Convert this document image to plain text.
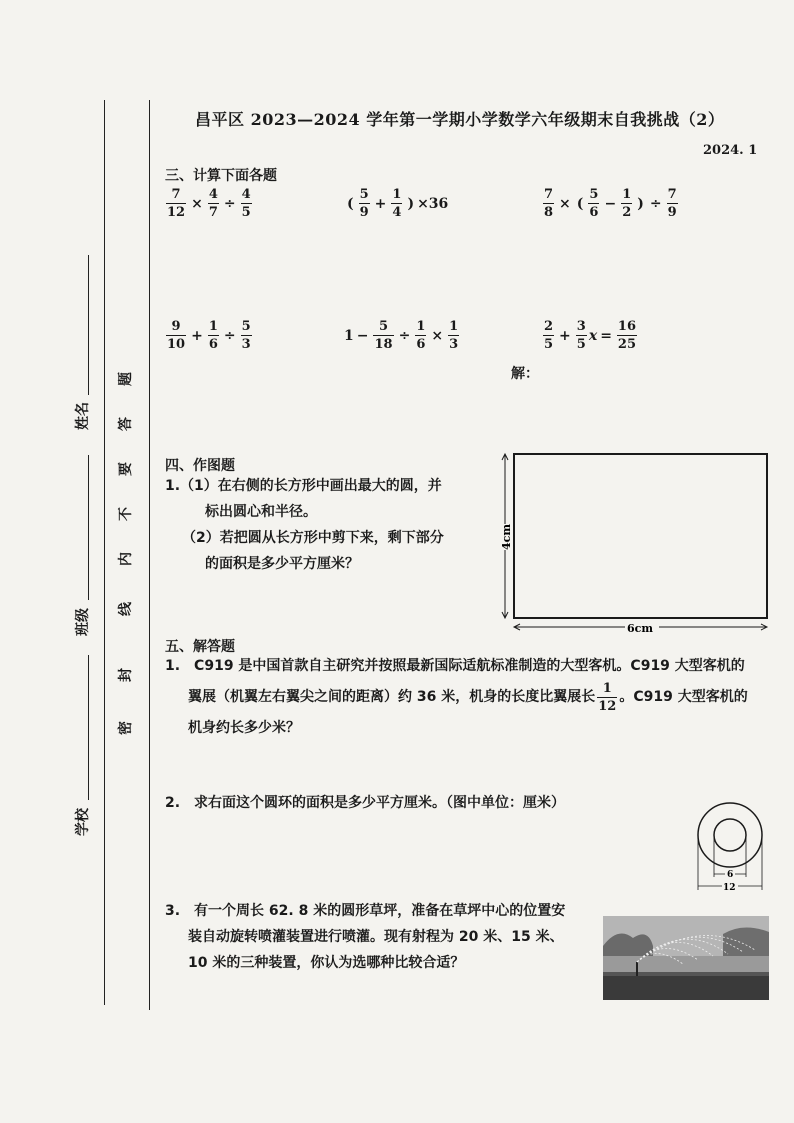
姓名
班级
学校
密
封
线
内
不
要
答
题
昌平区 2023—2024 学年第一学期小学数学六年级期末自我挑战（2）
2024. 1
三、计算下面各题
$\frac{7}{12} \times \frac{4}{7} \div \frac{4}{5}$	( $\frac{5}{9} + \frac{1}{4}$ ) ×36	$\frac{7}{8}$ × ( $\frac{5}{6} - \frac{1}{2}$ ) ÷ $\frac{7}{9}$
$\frac{9}{10} + \frac{1}{6} \div \frac{5}{3}$	$1 - \frac{5}{18} \div \frac{1}{6} \times \frac{1}{3}$	$\frac{2}{5} + \frac{3}{5}$ $x = \frac{16}{25}$
解：
四、作图题
1.（1）在右侧的长方形中画出最大的圆，并
标出圆心和半径。
（2）若把圆从长方形中剪下来，剩下部分
的面积是多少平方厘米？
4cm
6cm
五、解答题
1.　C919 是中国首款自主研究并按照最新国际适航标准制造的大型客机。C919 大型客机的
翼展（机翼左右翼尖之间的距离）约 36 米，机身的长度比翼展长 $\frac{1}{12}$ 。C919 大型客机的
机身约长多少米？
2.　求右面这个圆环的面积是多少平方厘米。（图中单位：厘米）
6
12
3.　有一个周长 62. 8 米的圆形草坪，准备在草坪中心的位置安
装自动旋转喷灌装置进行喷灌。现有射程为 20 米、15 米、
10 米的三种装置，你认为选哪种比较合适？
